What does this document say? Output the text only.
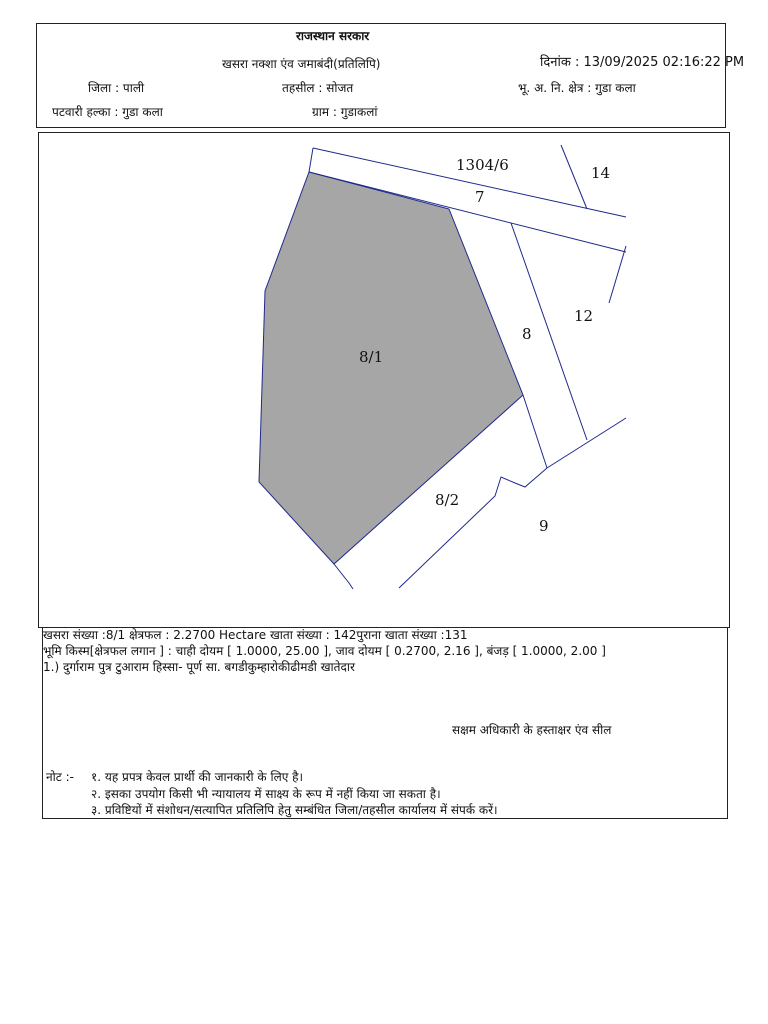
राजस्थान सरकार
खसरा नक्शा एंव जमाबंदी(प्रतिलिपि)	दिनांक : 13/09/2025 02:16:22 PM
जिला : पाली	तहसील : सोजत	भू. अ. नि. क्षेत्र : गुडा कला
पटवारी हल्का : गुडा कला	ग्राम : गुडाकलां
1304/6	14
7
12
8
8/1
8/2
9
खसरा संख्या :8/1 क्षेत्रफल : 2.2700 Hectare खाता संख्या : 142पुराना खाता संख्या :131
भूमि किस्म[क्षेत्रफल लगान ] : चाही दोयम [ 1.0000, 25.00 ], जाव दोयम [ 0.2700, 2.16 ], बंजड़ [ 1.0000, 2.00 ]
1.) दुर्गाराम पुत्र टुआराम हिस्सा- पूर्ण सा. बगडीकुम्हारोकीढीमडी खातेदार
सक्षम अधिकारी के हस्ताक्षर एंव सील
नोट :- १. यह प्रपत्र केवल प्रार्थी की जानकारी के लिए है।
२. इसका उपयोग किसी भी न्यायालय में साक्ष्य के रूप में नहीं किया जा सकता है।
३. प्रविष्टियों में संशोधन/सत्यापित प्रतिलिपि हेतु सम्बंधित जिला/तहसील कार्यालय में संपर्क करें।
